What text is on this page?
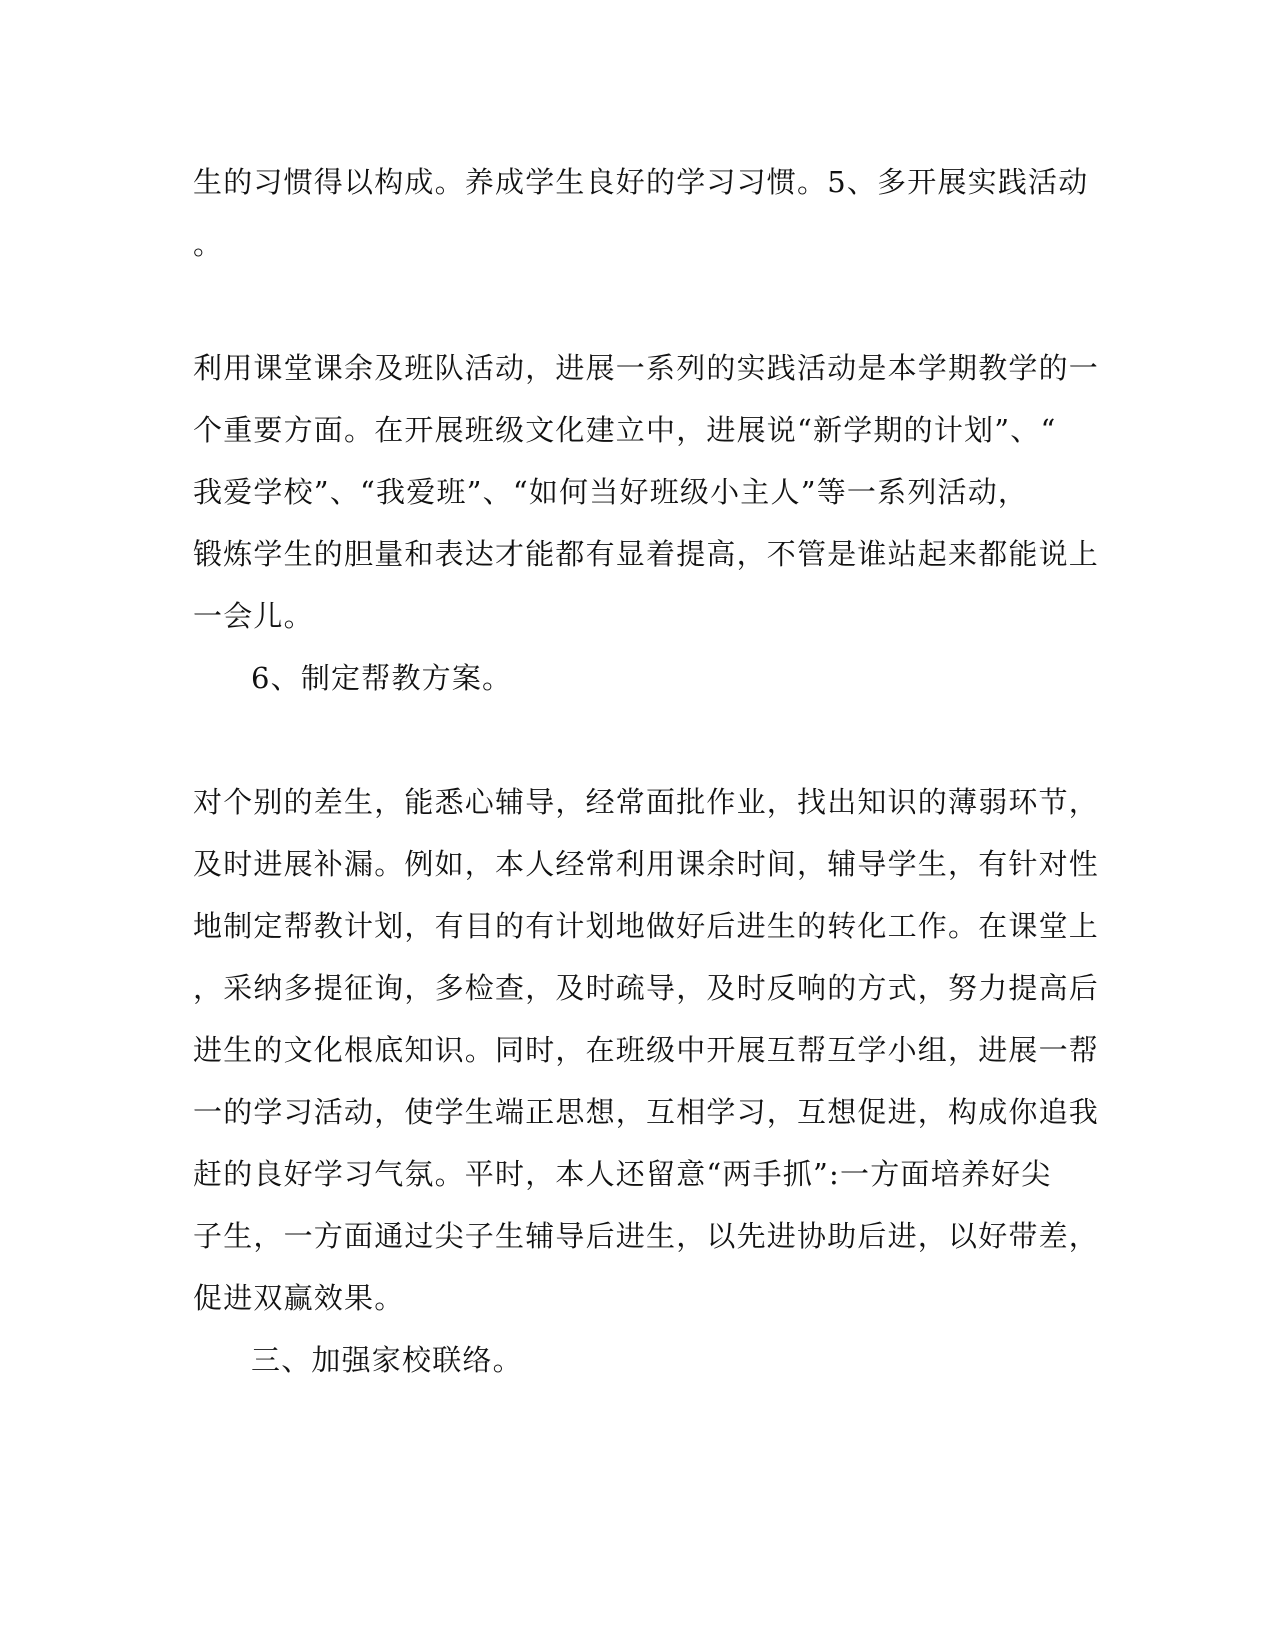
生的习惯得以构成。养成学生良好的学习习惯。5、多开展实践活动
。
利用课堂课余及班队活动，进展一系列的实践活动是本学期教学的一
个重要方面。在开展班级文化建立中，进展说“新学期的计划”、“
我爱学校”、“我爱班”、“如何当好班级小主人”等一系列活动，
锻炼学生的胆量和表达才能都有显着提高，不管是谁站起来都能说上
一会儿。
6、制定帮教方案。
对个别的差生，能悉心辅导，经常面批作业，找出知识的薄弱环节，
及时进展补漏。例如，本人经常利用课余时间，辅导学生，有针对性
地制定帮教计划，有目的有计划地做好后进生的转化工作。在课堂上
，采纳多提征询，多检查，及时疏导，及时反响的方式，努力提高后
进生的文化根底知识。同时，在班级中开展互帮互学小组，进展一帮
一的学习活动，使学生端正思想，互相学习，互想促进，构成你追我
赶的良好学习气氛。平时，本人还留意“两手抓”:一方面培养好尖
子生，一方面通过尖子生辅导后进生，以先进协助后进，以好带差，
促进双赢效果。
三、加强家校联络。
